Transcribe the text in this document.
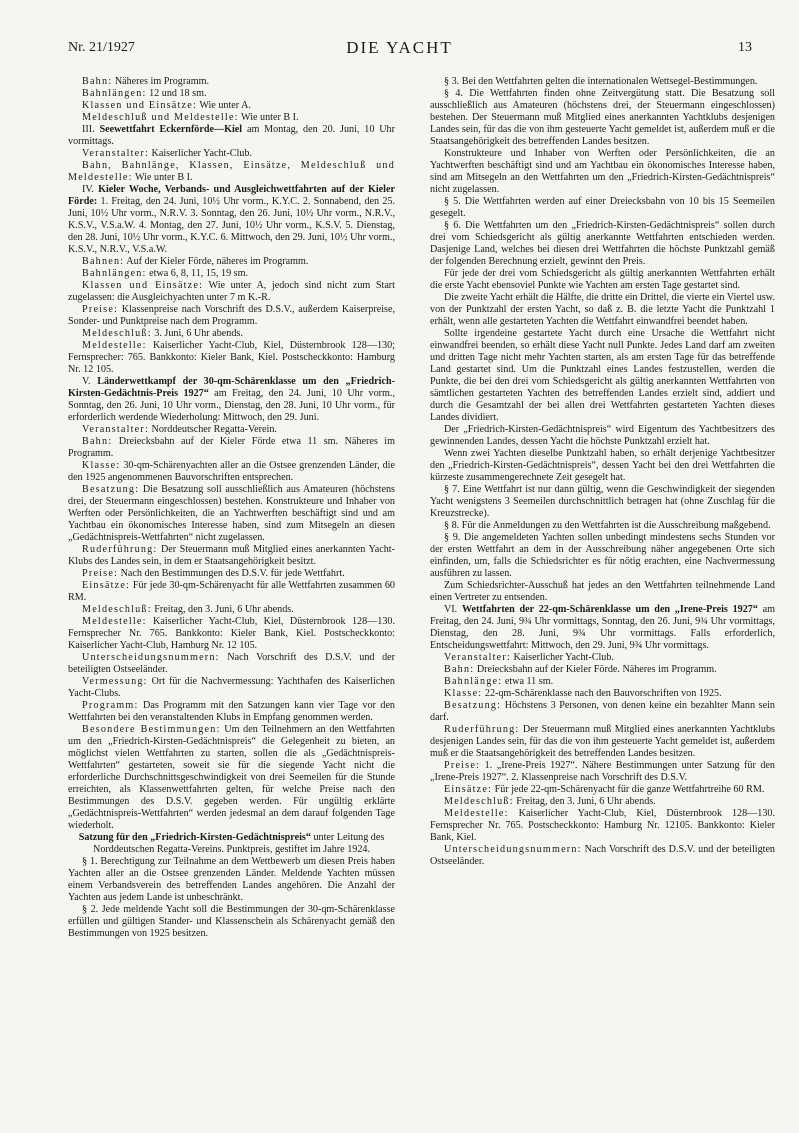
Nr. 21/1927	DIE YACHT	13

Bahn: Näheres im Programm.

Bahnlängen: 12 und 18 sm.

Klassen und Einsätze: Wie unter A.

Meldeschluß und Meldestelle: Wie unter B I.

III. Seewettfahrt Eckernförde—Kiel am Montag, den 20. Juni, 10 Uhr vormittags.

Veranstalter: Kaiserlicher Yacht-Club.

Bahn, Bahnlänge, Klassen, Einsätze, Meldeschluß und Meldestelle: Wie unter B I.

IV. Kieler Woche, Verbands- und Ausgleichwettfahrten auf der Kieler Förde: 1. Freitag, den 24. Juni, 10½ Uhr vorm., K.Y.C. 2. Sonnabend, den 25. Juni, 10½ Uhr vorm., N.R.V. 3. Sonntag, den 26. Juni, 10½ Uhr vorm., N.R.V., K.S.V., V.S.a.W. 4. Montag, den 27. Juni, 10½ Uhr vorm., K.S.V. 5. Dienstag, den 28. Juni, 10½ Uhr vorm., K.Y.C. 6. Mittwoch, den 29. Juni, 10½ Uhr vorm., K.S.V., N.R.V., V.S.a.W.

Bahnen: Auf der Kieler Förde, näheres im Programm.

Bahnlängen: etwa 6, 8, 11, 15, 19 sm.

Klassen und Einsätze: Wie unter A, jedoch sind nicht zum Start zugelassen: die Ausgleichyachten unter 7 m K.-R.

Preise: Klassenpreise nach Vorschrift des D.S.V., außerdem Kaiserpreise, Sonder- und Punktpreise nach dem Programm.

Meldeschluß: 3. Juni, 6 Uhr abends.

Meldestelle: Kaiserlicher Yacht-Club, Kiel, Düsternbrook 128—130; Fernsprecher: 765. Bankkonto: Kieler Bank, Kiel. Postscheckkonto: Hamburg Nr. 12 105.

V. Länderwettkampf der 30-qm-Schärenklasse um den „Friedrich-Kirsten-Gedächtnis-Preis 1927“ am Freitag, den 24. Juni, 10 Uhr vorm., Sonntag, den 26. Juni, 10 Uhr vorm., Dienstag, den 28. Juni, 10 Uhr vorm., für erforderlich werdende Wiederholung: Mittwoch, den 29. Juni.

Veranstalter: Norddeutscher Regatta-Verein.

Bahn: Dreiecksbahn auf der Kieler Förde etwa 11 sm. Näheres im Programm.

Klasse: 30-qm-Schärenyachten aller an die Ostsee grenzenden Länder, die den 1925 angenommenen Bauvorschriften entsprechen.

Besatzung: Die Besatzung soll ausschließlich aus Amateuren (höchstens drei, der Steuermann eingeschlossen) bestehen. Konstrukteure und Inhaber von Werften oder Persönlichkeiten, die an Yachtwerften beschäftigt sind und am Yachtbau ein ökonomisches Interesse haben, sind zum Mitsegeln an diesen „Gedächtnispreis-Wettfahrten“ nicht zugelassen.

Ruderführung: Der Steuermann muß Mitglied eines anerkannten Yacht-Klubs des Landes sein, in dem er Staatsangehörigkeit besitzt.

Preise: Nach den Bestimmungen des D.S.V. für jede Wettfahrt.

Einsätze: Für jede 30-qm-Schärenyacht für alle Wettfahrten zusammen 60 RM.

Meldeschluß: Freitag, den 3. Juni, 6 Uhr abends.

Meldestelle: Kaiserlicher Yacht-Club, Kiel, Düsternbrook 128—130. Fernsprecher Nr. 765. Bankkonto: Kieler Bank, Kiel. Postscheckkonto: Kaiserlicher Yacht-Club, Hamburg Nr. 12 105.

Unterscheidungsnummern: Nach Vorschrift des D.S.V. und der beteiligten Ostseeländer.

Vermessung: Ort für die Nachvermessung: Yachthafen des Kaiserlichen Yacht-Clubs.

Programm: Das Programm mit den Satzungen kann vier Tage vor den Wettfahrten bei den veranstaltenden Klubs in Empfang genommen werden.

Besondere Bestimmungen: Um den Teilnehmern an den Wettfahrten um den „Friedrich-Kirsten-Gedächtnispreis“ die Gelegenheit zu bieten, an möglichst vielen Wettfahrten zu starten, sollen die als „Gedächtnispreis-Wettfahrten“ gestarteten, soweit sie für die siegende Yacht nicht die erforderliche Durchschnittsgeschwindigkeit von drei Seemeilen für die Stunde erreichten, als Klassenwettfahrten gelten, für welche Preise nach den Bestimmungen des D.S.V. gegeben werden. Für ungültig erklärte „Gedächtnispreis-Wettfahrten“ werden jedesmal an dem darauf folgenden Tage wiederholt.

Satzung für den „Friedrich-Kirsten-Gedächtnispreis“ unter Leitung des Norddeutschen Regatta-Vereins. Punktpreis, gestiftet im Jahre 1924.

§ 1. Berechtigung zur Teilnahme an dem Wettbewerb um diesen Preis haben Yachten aller an die Ostsee grenzenden Länder. Meldende Yachten müssen einem Verbandsverein des betreffenden Landes angehören. Die Anzahl der Yachten aus jedem Lande ist unbeschränkt.

§ 2. Jede meldende Yacht soll die Bestimmungen der 30-qm-Schärenklasse erfüllen und gültigen Stander- und Klassenschein als Schärenyacht gemäß den Bestimmungen von 1925 besitzen.

§ 3. Bei den Wettfahrten gelten die internationalen Wettsegel-Bestimmungen.

§ 4. Die Wettfahrten finden ohne Zeitvergütung statt. Die Besatzung soll ausschließlich aus Amateuren (höchstens drei, der Steuermann eingeschlossen) bestehen. Der Steuermann muß Mitglied eines anerkannten Yachtklubs desjenigen Landes sein, für das die von ihm gesteuerte Yacht gemeldet ist, außerdem muß er die Staatsangehörigkeit des betreffenden Landes besitzen.

Konstrukteure und Inhaber von Werften oder Persönlichkeiten, die an Yachtwerften beschäftigt sind und am Yachtbau ein ökonomisches Interesse haben, sind am Mitsegeln an den Wettfahrten um den „Friedrich-Kirsten-Gedächtnispreis“ nicht zugelassen.

§ 5. Die Wettfahrten werden auf einer Dreiecksbahn von 10 bis 15 Seemeilen gesegelt.

§ 6. Die Wettfahrten um den „Friedrich-Kirsten-Gedächtnispreis“ sollen durch drei vom Schiedsgericht als gültig anerkannte Wettfahrten entschieden werden. Dasjenige Land, welches bei diesen drei Wettfahrten die höchste Punktzahl gemäß der folgenden Berechnung erzielt, gewinnt den Preis.

Für jede der drei vom Schiedsgericht als gültig anerkannten Wettfahrten erhält die erste Yacht ebensoviel Punkte wie Yachten am ersten Tage gestartet sind.

Die zweite Yacht erhält die Hälfte, die dritte ein Drittel, die vierte ein Viertel usw. von der Punktzahl der ersten Yacht, so daß z. B. die letzte Yacht die Punktzahl 1 erhält, wenn alle gestarteten Yachten die Wettfahrt einwandfrei beendet haben.

Sollte irgendeine gestartete Yacht durch eine Ursache die Wettfahrt nicht einwandfrei beenden, so erhält diese Yacht null Punkte. Jedes Land darf am zweiten und dritten Tage nicht mehr Yachten starten, als am ersten Tage für das betreffende Land gestartet sind. Um die Punktzahl eines Landes festzustellen, werden die Punkte, die bei den drei vom Schiedsgericht als gültig anerkannten Wettfahrten von sämtlichen gestarteten Yachten des betreffenden Landes erzielt sind, addiert und durch die Gesamtzahl der bei allen drei Wettfahrten gestarteten Yachten dieses Landes dividiert.

Der „Friedrich-Kirsten-Gedächtnispreis“ wird Eigentum des Yachtbesitzers des gewinnenden Landes, dessen Yacht die höchste Punktzahl erzielt hat.

Wenn zwei Yachten dieselbe Punktzahl haben, so erhält derjenige Yachtbesitzer den „Friedrich-Kirsten-Gedächtnispreis“, dessen Yacht bei den drei Wettfahrten die kürzeste zusammengerechnete Zeit gesegelt hat.

§ 7. Eine Wettfahrt ist nur dann gültig, wenn die Geschwindigkeit der siegenden Yacht wenigstens 3 Seemeilen durchschnittlich betragen hat (ohne Zuschlag für die Kreuzstrecke).

§ 8. Für die Anmeldungen zu den Wettfahrten ist die Ausschreibung maßgebend.

§ 9. Die angemeldeten Yachten sollen unbedingt mindestens sechs Stunden vor der ersten Wettfahrt an dem in der Ausschreibung näher angegebenen Orte sich einfinden, um, falls die Schiedsrichter es für nötig erachten, eine Nachvermessung ausführen zu lassen.

Zum Schiedsrichter-Ausschuß hat jedes an den Wettfahrten teilnehmende Land einen Vertreter zu entsenden.

VI. Wettfahrten der 22-qm-Schärenklasse um den „Irene-Preis 1927“ am Freitag, den 24. Juni, 9¾ Uhr vormittags, Sonntag, den 26. Juni, 9¾ Uhr vormittags, Dienstag, den 28. Juni, 9¾ Uhr vormittags. Falls erforderlich, Entscheidungswettfahrt: Mittwoch, den 29. Juni, 9¾ Uhr vormittags.

Veranstalter: Kaiserlicher Yacht-Club.

Bahn: Dreiecksbahn auf der Kieler Förde. Näheres im Programm.

Bahnlänge: etwa 11 sm.

Klasse: 22-qm-Schärenklasse nach den Bauvorschriften von 1925.

Besatzung: Höchstens 3 Personen, von denen keine ein bezahlter Mann sein darf.

Ruderführung: Der Steuermann muß Mitglied eines anerkannten Yachtklubs desjenigen Landes sein, für das die von ihm gesteuerte Yacht gemeldet ist, außerdem muß er die Staatsangehörigkeit des betreffenden Landes besitzen.

Preise: 1. „Irene-Preis 1927“. Nähere Bestimmungen unter Satzung für den „Irene-Preis 1927“. 2. Klassenpreise nach Vorschrift des D.S.V.

Einsätze: Für jede 22-qm-Schärenyacht für die ganze Wettfahrtreihe 60 RM.

Meldeschluß: Freitag, den 3. Juni, 6 Uhr abends.

Meldestelle: Kaiserlicher Yacht-Club, Kiel, Düsternbrook 128—130. Fernsprecher Nr. 765. Postscheckkonto: Hamburg Nr. 12105. Bankkonto: Kieler Bank, Kiel.

Unterscheidungsnummern: Nach Vorschrift des D.S.V. und der beteiligten Ostseeländer.
